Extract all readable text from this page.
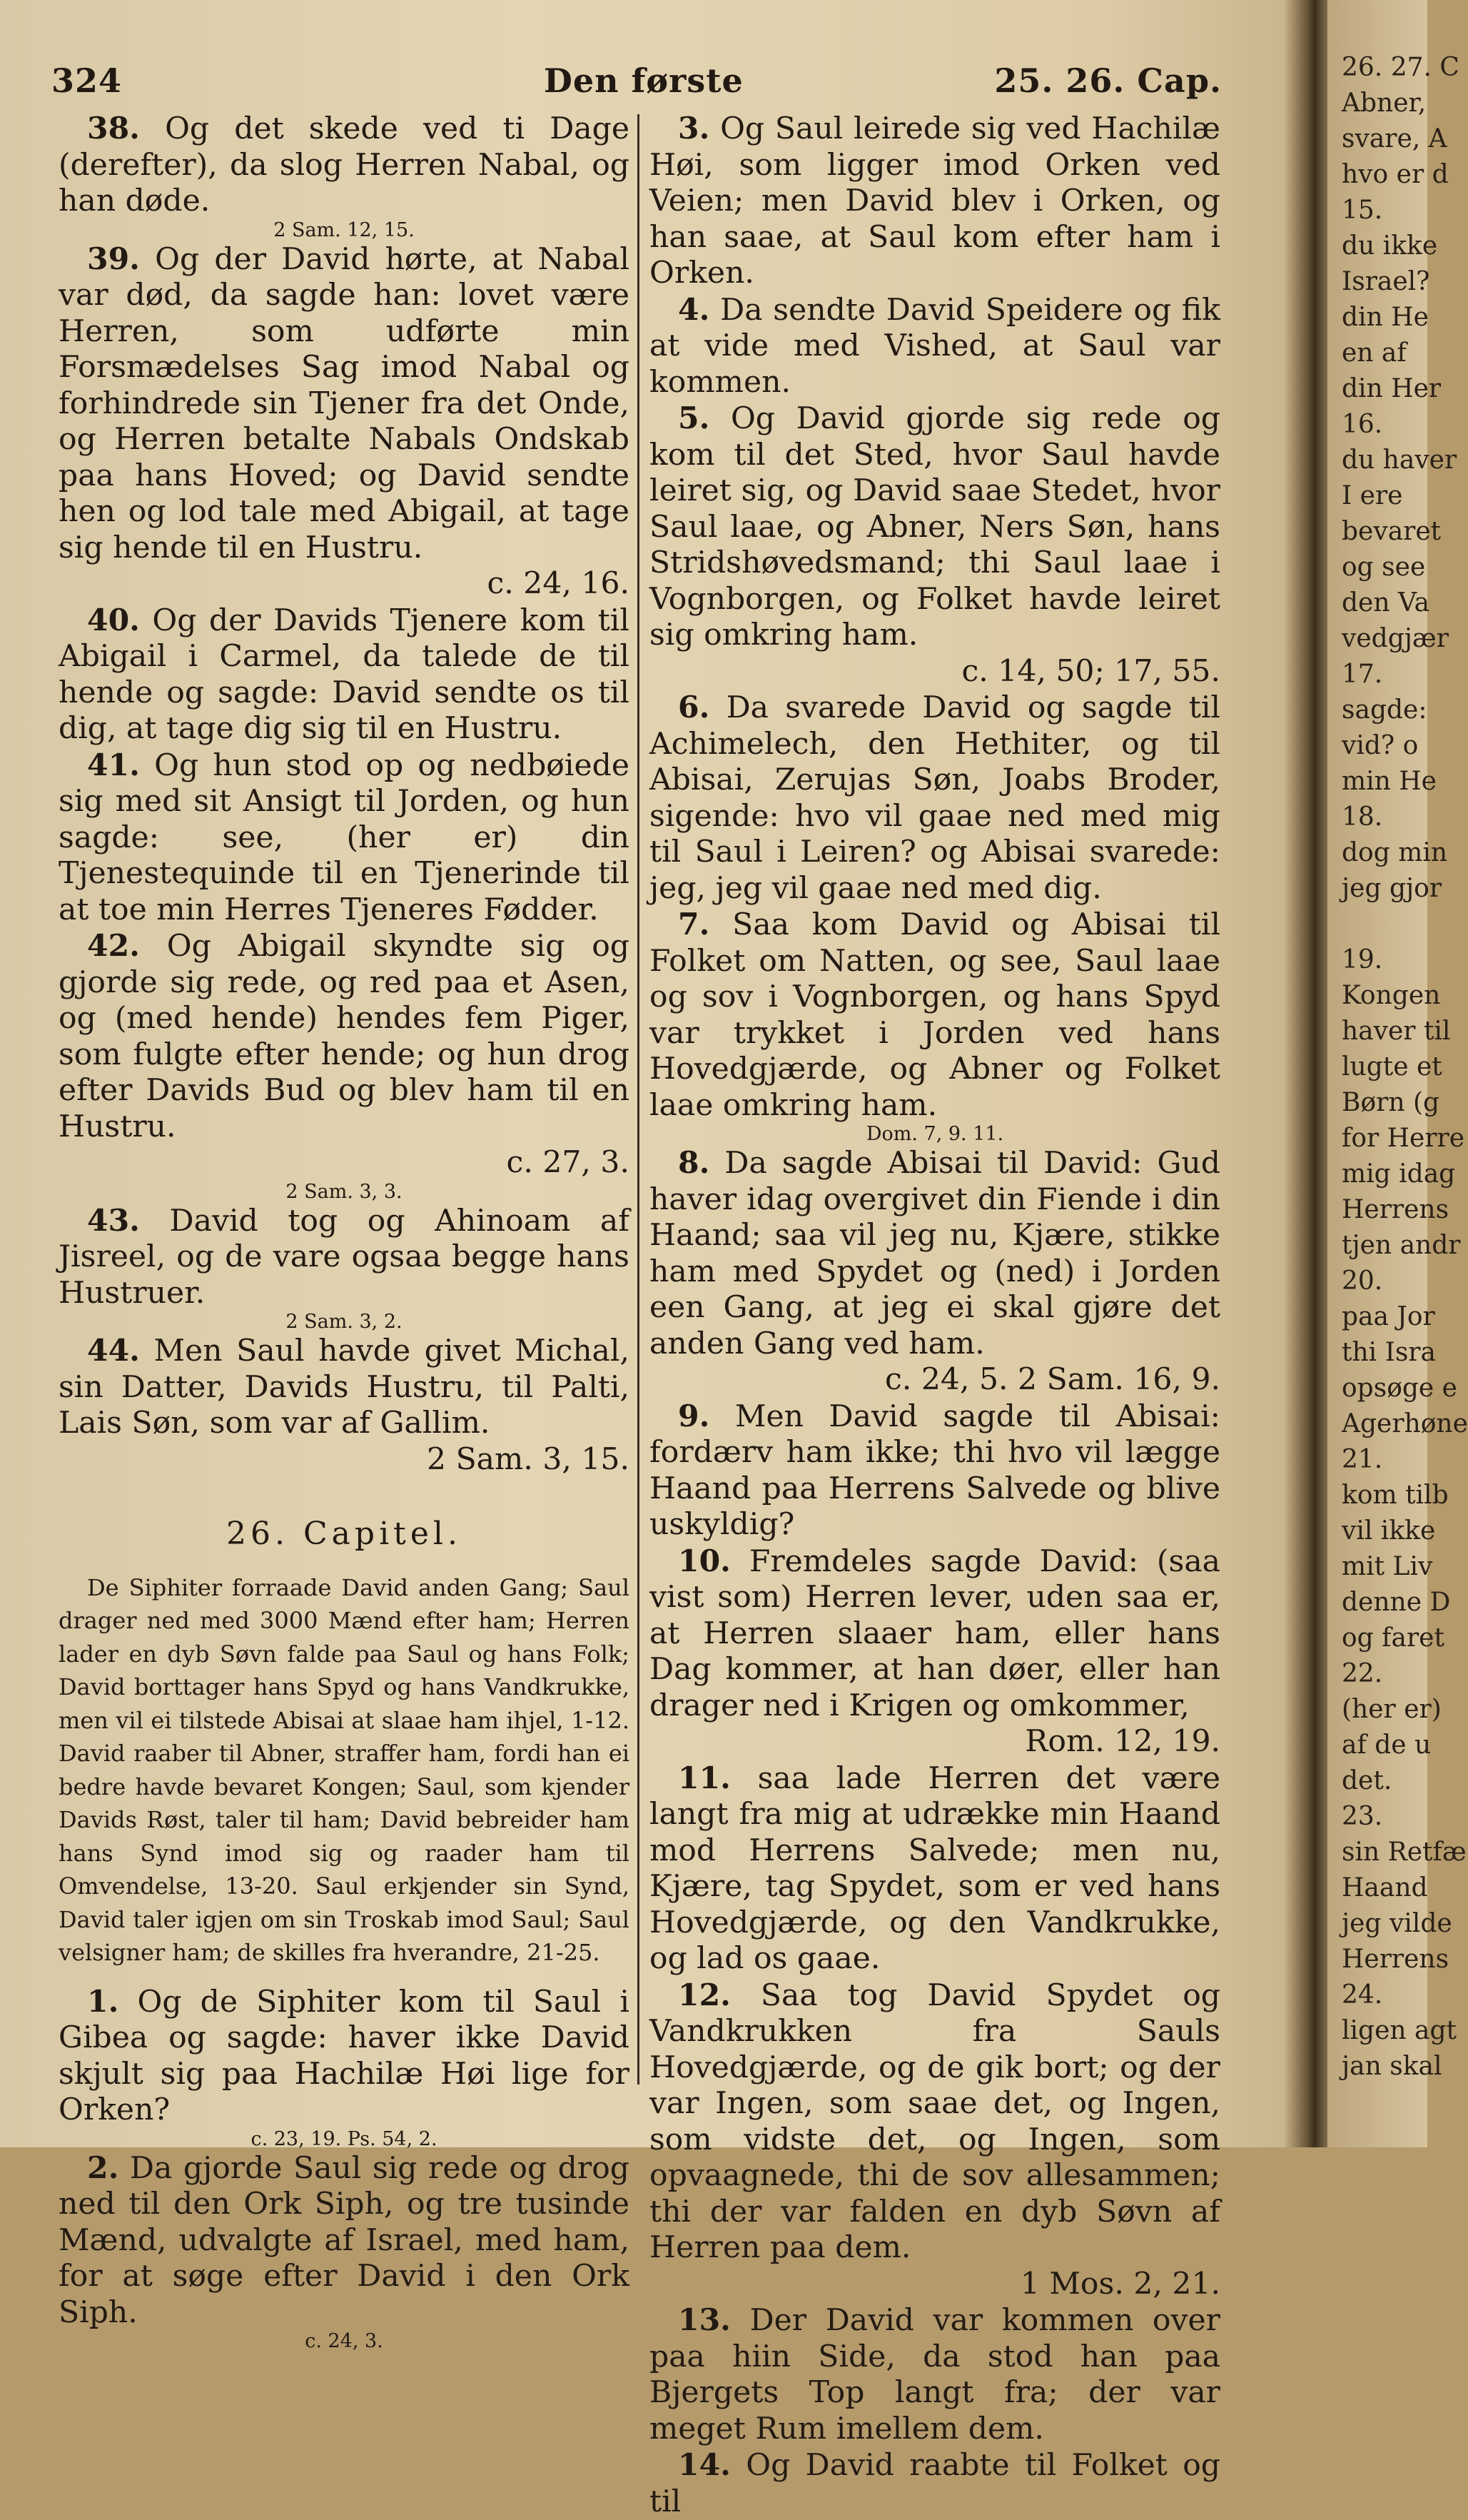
324	Den første	25. 26. Cap.

38. Og det skede ved ti Dage (derefter), da slog Herren Nabal, og han døde.

2 Sam. 12, 15.

39. Og der David hørte, at Nabal var død, da sagde han: lovet være Herren, som udførte min Forsmædelses Sag imod Nabal og forhindrede sin Tjener fra det Onde, og Herren betalte Nabals Ondskab paa hans Hoved; og David sendte hen og lod tale med Abigail, at tage sig hende til en Hustru.

c. 24, 16.

40. Og der Davids Tjenere kom til Abigail i Carmel, da talede de til hende og sagde: David sendte os til dig, at tage dig sig til en Hustru.

41. Og hun stod op og nedbøiede sig med sit Ansigt til Jorden, og hun sagde: see, (her er) din Tjenestequinde til en Tjenerinde til at toe min Herres Tjeneres Fødder.

42. Og Abigail skyndte sig og gjorde sig rede, og red paa et Asen, og (med hende) hendes fem Piger, som fulgte efter hende; og hun drog efter Davids Bud og blev ham til en Hustru.

c. 27, 3.

2 Sam. 3, 3.

43. David tog og Ahinoam af Jisreel, og de vare ogsaa begge hans Hustruer.

2 Sam. 3, 2.

44. Men Saul havde givet Michal, sin Datter, Davids Hustru, til Palti, Lais Søn, som var af Gallim.

2 Sam. 3, 15.
26. Capitel.

De Siphiter forraade David anden Gang; Saul drager ned med 3000 Mænd efter ham; Herren lader en dyb Søvn falde paa Saul og hans Folk; David borttager hans Spyd og hans Vandkrukke, men vil ei tilstede Abisai at slaae ham ihjel, 1-12. David raaber til Abner, straffer ham, fordi han ei bedre havde bevaret Kongen; Saul, som kjender Davids Røst, taler til ham; David bebreider ham hans Synd imod sig og raader ham til Omvendelse, 13-20. Saul erkjender sin Synd, David taler igjen om sin Troskab imod Saul; Saul velsigner ham; de skilles fra hverandre, 21-25.

1. Og de Siphiter kom til Saul i Gibea og sagde: haver ikke David skjult sig paa Hachilæ Høi lige for Orken?

c. 23, 19. Ps. 54, 2.

2. Da gjorde Saul sig rede og drog ned til den Ork Siph, og tre tusinde Mænd, udvalgte af Israel, med ham, for at søge efter David i den Ork Siph.

c. 24, 3.

3. Og Saul leirede sig ved Hachilæ Høi, som ligger imod Orken ved Veien; men David blev i Orken, og han saae, at Saul kom efter ham i Orken.

4. Da sendte David Speidere og fik at vide med Vished, at Saul var kommen.

5. Og David gjorde sig rede og kom til det Sted, hvor Saul havde leiret sig, og David saae Stedet, hvor Saul laae, og Abner, Ners Søn, hans Stridshøvedsmand; thi Saul laae i Vognborgen, og Folket havde leiret sig omkring ham.

c. 14, 50; 17, 55.

6. Da svarede David og sagde til Achimelech, den Hethiter, og til Abisai, Zerujas Søn, Joabs Broder, sigende: hvo vil gaae ned med mig til Saul i Leiren? og Abisai svarede: jeg, jeg vil gaae ned med dig.

7. Saa kom David og Abisai til Folket om Natten, og see, Saul laae og sov i Vognborgen, og hans Spyd var trykket i Jorden ved hans Hovedgjærde, og Abner og Folket laae omkring ham.

Dom. 7, 9. 11.

8. Da sagde Abisai til David: Gud haver idag overgivet din Fiende i din Haand; saa vil jeg nu, Kjære, stikke ham med Spydet og (ned) i Jorden een Gang, at jeg ei skal gjøre det anden Gang ved ham.

c. 24, 5. 2 Sam. 16, 9.

9. Men David sagde til Abisai: fordærv ham ikke; thi hvo vil lægge Haand paa Herrens Salvede og blive uskyldig?

10. Fremdeles sagde David: (saa vist som) Herren lever, uden saa er, at Herren slaaer ham, eller hans Dag kommer, at han døer, eller han drager ned i Krigen og omkommer,

Rom. 12, 19.

11. saa lade Herren det være langt fra mig at udrække min Haand mod Herrens Salvede; men nu, Kjære, tag Spydet, som er ved hans Hovedgjærde, og den Vandkrukke, og lad os gaae.

12. Saa tog David Spydet og Vandkrukken fra Sauls Hovedgjærde, og de gik bort; og der var Ingen, som saae det, og Ingen, som vidste det, og Ingen, som opvaagnede, thi de sov allesammen; thi der var falden en dyb Søvn af Herren paa dem.

1 Mos. 2, 21.

13. Der David var kommen over paa hiin Side, da stod han paa Bjergets Top langt fra; der var meget Rum imellem dem.

14. Og David raabte til Folket og til

26. 27. C
Abner,
svare, A
hvo er d
15.
du ikke
Israel?
din He
en af
din Her
16.
du haver
I ere
bevaret
og see
den Va
vedgjær
17.
sagde:
vid? o
min He
18.
dog min
jeg gjor

19.
Kongen
haver til
lugte et
Børn (g
for Herre
mig idag
Herrens
tjen andr
20.
paa Jor
thi Isra
opsøge e
Agerhøne
21.
kom tilb
vil ikke
mit Liv
denne D
og faret
22.
(her er)
af de u
det.
23.
sin Retfæ
Haand
jeg vilde
Herrens
24.
ligen agt
jan skal
